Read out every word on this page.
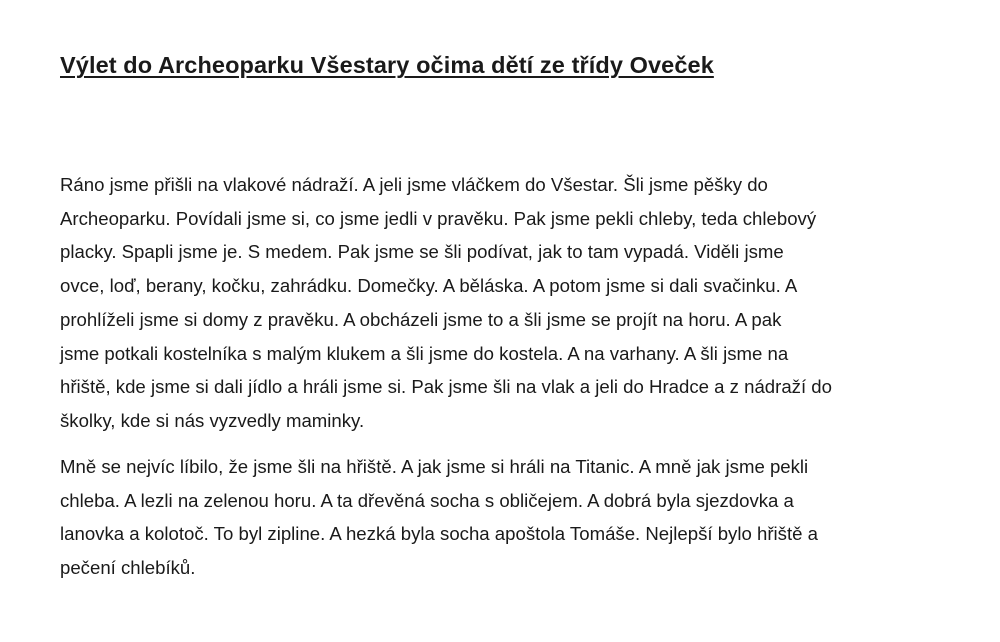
Výlet do Archeoparku Všestary očima dětí ze třídy Oveček

Ráno jsme přišli na vlakové nádraží. A jeli jsme vláčkem do Všestar. Šli jsme pěšky do
Archeoparku. Povídali jsme si, co jsme jedli v pravěku. Pak jsme pekli chleby, teda chlebový
placky. Spapli jsme je. S medem. Pak jsme se šli podívat, jak to tam vypadá. Viděli jsme
ovce, loď, berany, kočku, zahrádku. Domečky. A běláska. A potom jsme si dali svačinku. A
prohlíželi jsme si domy z pravěku. A obcházeli jsme to a šli jsme se projít na horu. A pak
jsme potkali kostelníka s malým klukem a šli jsme do kostela. A na varhany. A šli jsme na
hřiště, kde jsme si dali jídlo a hráli jsme si. Pak jsme šli na vlak a jeli do Hradce a z nádraží do
školky, kde si nás vyzvedly maminky.

Mně se nejvíc líbilo, že jsme šli na hřiště. A jak jsme si hráli na Titanic. A mně jak jsme pekli
chleba. A lezli na zelenou horu. A ta dřevěná socha s obličejem. A dobrá byla sjezdovka a
lanovka a kolotoč. To byl zipline. A hezká byla socha apoštola Tomáše. Nejlepší bylo hřiště a
pečení chlebíků.
